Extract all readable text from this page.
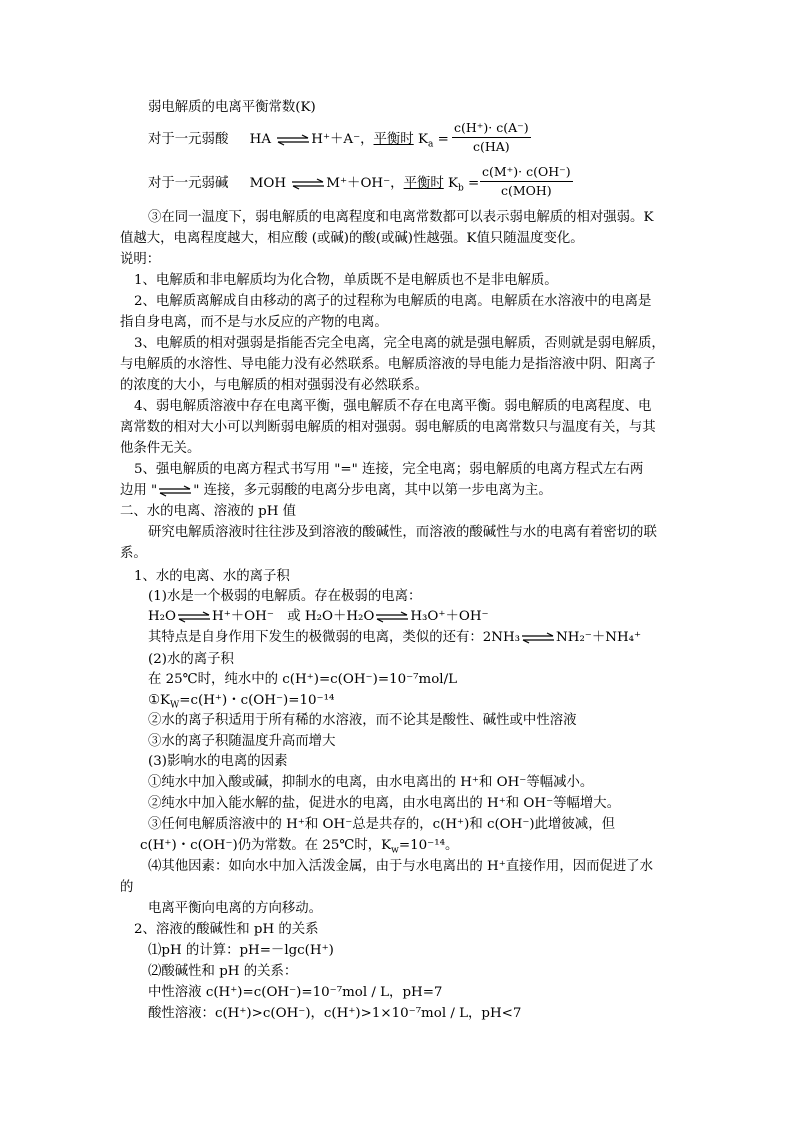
弱电解质的电离平衡常数(K)
对于一元弱酸 HA ⇌H⁺＋A⁻，平衡时 $K_a = \frac{c(H^+)\cdot c(A^-)}{c(HA)}$
对于一元弱碱 MOH ⇌M⁺＋OH⁻，平衡时 $K_b$ =
c(M⁺)· c(OH⁻)
c(MOH)
③在同一温度下，弱电解质的电离程度和电离常数都可以表示弱电解质的相对强弱。K
值越大，电离程度越大，相应酸 (或碱)的酸(或碱)性越强。K值只随温度变化。
说明：
1、电解质和非电解质均为化合物，单质既不是电解质也不是非电解质。
2、电解质离解成自由移动的离子的过程称为电解质的电离。电解质在水溶液中的电离是
指自身电离，而不是与水反应的产物的电离。
3、电解质的相对强弱是指能否完全电离，完全电离的就是强电解质，否则就是弱电解质，
与电解质的水溶性、导电能力没有必然联系。电解质溶液的导电能力是指溶液中阴、阳离子
的浓度的大小，与电解质的相对强弱没有必然联系。
4、弱电解质溶液中存在电离平衡，强电解质不存在电离平衡。弱电解质的电离程度、电
离常数的相对大小可以判断弱电解质的相对强弱。弱电解质的电离常数只与温度有关，与其
他条件无关。
5、强电解质的电离方程式书写用 "=" 连接，完全电离；弱电解质的电离方程式左右两
边用 "⇌" 连接，多元弱酸的电离分步电离，其中以第一步电离为主。
二、水的电离、溶液的 pH 值
研究电解质溶液时往往涉及到溶液的酸碱性，而溶液的酸碱性与水的电离有着密切的联
系。
1、水的电离、水的离子积
(1)水是一个极弱的电解质。存在极弱的电离：
H₂O⇌H⁺＋OH⁻　或 H₂O＋H₂O⇌H₃O⁺＋OH⁻
其特点是自身作用下发生的极微弱的电离，类似的还有：2NH₃⇌NH₂⁻＋NH₄⁺
(2)水的离子积
在 25℃时，纯水中的 c(H⁺)=c(OH⁻)=10⁻⁷mol/L
$①K_W=c(H^+)$・c(OH⁻)=10⁻¹⁴
②水的离子积适用于所有稀的水溶液，而不论其是酸性、碱性或中性溶液
③水的离子积随温度升高而增大
(3)影响水的电离的因素
①纯水中加入酸或碱，抑制水的电离，由水电离出的 H⁺和 OH⁻等幅减小。
②纯水中加入能水解的盐，促进水的电离，由水电离出的 H⁺和 OH⁻等幅增大。
③任何电解质溶液中的 H⁺和 OH⁻总是共存的，c(H⁺)和 c(OH⁻)此增彼减，但
c(H⁺)・c(OH⁻)仍为常数。在 25℃时，$K_w=10^{-14}$。
⑷其他因素：如向水中加入活泼金属，由于与水电离出的 H⁺直接作用，因而促进了水
的
电离平衡向电离的方向移动。
2、溶液的酸碱性和 pH 的关系
⑴pH 的计算：pH=－lgc(H⁺)
⑵酸碱性和 pH 的关系：
中性溶液 c(H⁺)=c(OH⁻)=10⁻⁷mol / L，pH=7
酸性溶液：c(H⁺)>c(OH⁻)，c(H⁺)>1×10⁻⁷mol / L，pH<7
